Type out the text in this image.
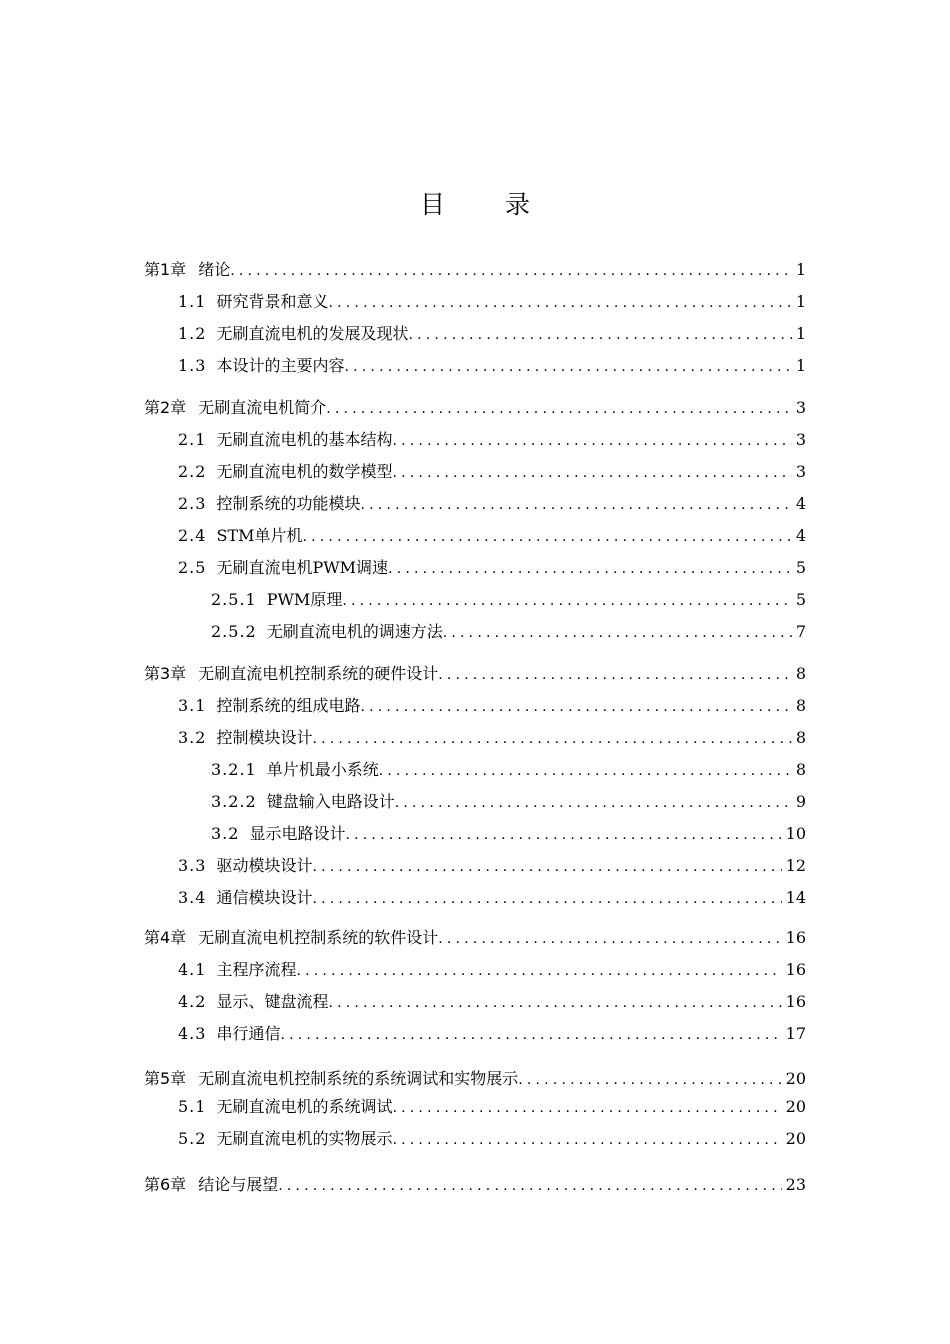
目 录
第1章 绪论 .....	1
1.1 研究背景和意义 .....	1
1.2 无刷直流电机的发展及现状 .....	1
1.3 本设计的主要内容 .....	1
第2章 无刷直流电机简介 .....	3
2.1 无刷直流电机的基本结构 .....	3
2.2 无刷直流电机的数学模型 .....	3
2.3 控制系统的功能模块 .....	4
2.4 STM单片机 .....	4
2.5 无刷直流电机PWM调速 .....	5
2.5.1 PWM原理 .....	5
2.5.2 无刷直流电机的调速方法 .....	7
第3章 无刷直流电机控制系统的硬件设计 .....	8
3.1 控制系统的组成电路 .....	8
3.2 控制模块设计 .....	8
3.2.1 单片机最小系统 .....	8
3.2.2 键盘输入电路设计 .....	9
3.2 显示电路设计 .....	10
3.3 驱动模块设计 .....	12
3.4 通信模块设计 .....	14
第4章 无刷直流电机控制系统的软件设计 .....	16
4.1 主程序流程 .....	16
4.2 显示、键盘流程 .....	16
4.3 串行通信 .....	17
第5章 无刷直流电机控制系统的系统调试和实物展示 .....	20
5.1 无刷直流电机的系统调试 .....	20
5.2 无刷直流电机的实物展示 .....	20
第6章 结论与展望 .....	23
